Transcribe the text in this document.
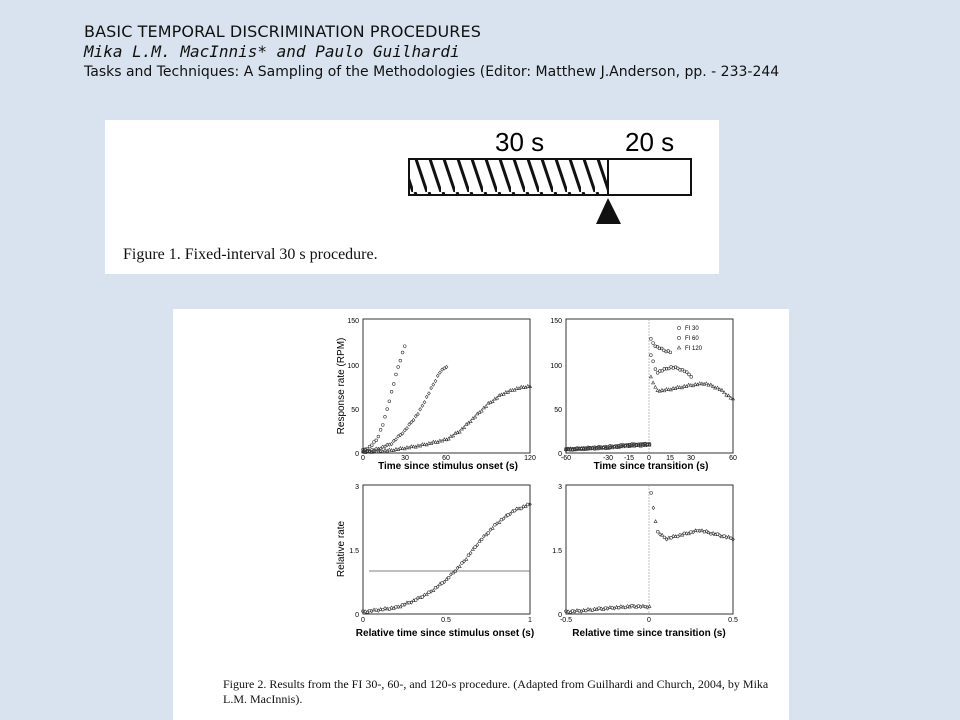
BASIC TEMPORAL DISCRIMINATION PROCEDURES
Mika L.M. MacInnis* and Paulo Guilhardi
Tasks and Techniques: A Sampling of the Methodologies (Editor: Matthew J.Anderson, pp. - 233-244
30 s	20 s
Figure 1. Fixed-interval 30 s procedure.
150
100
50
0
0	30	60	120
Time since stimulus onset (s)
Response rate (RPM)
150
100
50
0
-60	-30 -15 0 15 30	60
Time since transition (s)
FI 30
FI 60
FI 120
3
1.5
0
0	0.5	1
Relative time since stimulus onset (s)
Relative rate
3
1.5
0
-0.5	0	0.5
Relative time since transition (s)
Figure 2. Results from the FI 30-, 60-, and 120-s procedure. (Adapted from Guilhardi and Church, 2004, by Mika L.M. MacInnis).
